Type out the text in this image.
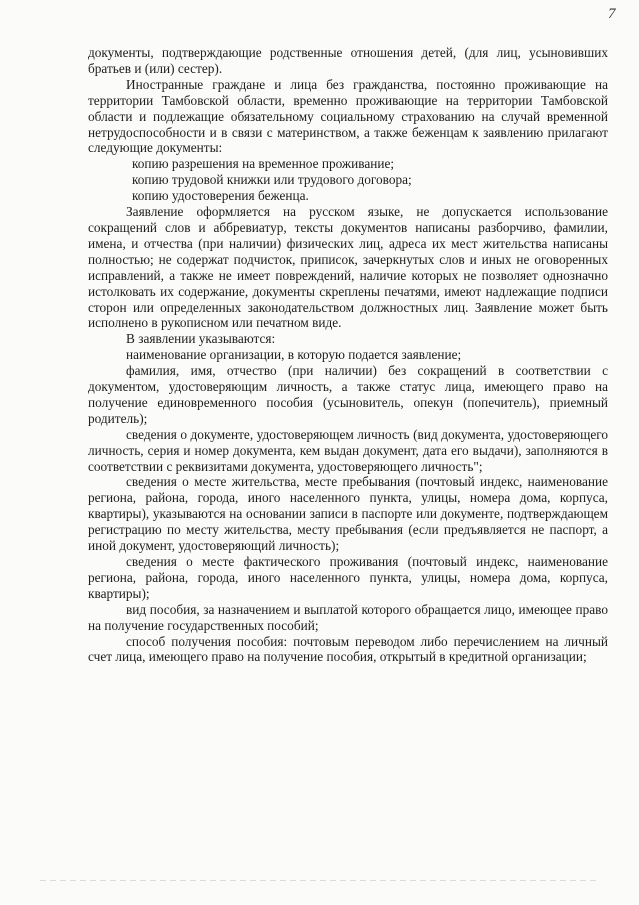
7

документы, подтверждающие родственные отношения детей, (для лиц, усыновивших братьев и (или) сестер).

Иностранные граждане и лица без гражданства, постоянно проживающие на территории Тамбовской области, временно проживающие на территории Тамбовской области и подлежащие обязательному социальному страхованию на случай временной нетрудоспособности и в связи с материнством, а также беженцам к заявлению прилагают следующие документы:

копию разрешения на временное проживание;

копию трудовой книжки или трудового договора;

копию удостоверения беженца.

Заявление оформляется на русском языке, не допускается использование сокращений слов и аббревиатур, тексты документов написаны разборчиво, фамилии, имена, и отчества (при наличии) физических лиц, адреса их мест жительства написаны полностью; не содержат подчисток, приписок, зачеркнутых слов и иных не оговоренных исправлений, а также не имеет повреждений, наличие которых не позволяет однозначно истолковать их содержание, документы скреплены печатями, имеют надлежащие подписи сторон или определенных законодательством должностных лиц. Заявление может быть исполнено в рукописном или печатном виде.

В заявлении указываются:

наименование организации, в которую подается заявление;

фамилия, имя, отчество (при наличии) без сокращений в соответствии с документом, удостоверяющим личность, а также статус лица, имеющего право на получение единовременного пособия (усыновитель, опекун (попечитель), приемный родитель);

сведения о документе, удостоверяющем личность (вид документа, удостоверяющего личность, серия и номер документа, кем выдан документ, дата его выдачи), заполняются в соответствии с реквизитами документа, удостоверяющего личность";

сведения о месте жительства, месте пребывания (почтовый индекс, наименование региона, района, города, иного населенного пункта, улицы, номера дома, корпуса, квартиры), указываются на основании записи в паспорте или документе, подтверждающем регистрацию по месту жительства, месту пребывания (если предъявляется не паспорт, а иной документ, удостоверяющий личность);

сведения о месте фактического проживания (почтовый индекс, наименование региона, района, города, иного населенного пункта, улицы, номера дома, корпуса, квартиры);

вид пособия, за назначением и выплатой которого обращается лицо, имеющее право на получение государственных пособий;

способ получения пособия: почтовым переводом либо перечислением на личный счет лица, имеющего право на получение пособия, открытый в кредитной организации;
